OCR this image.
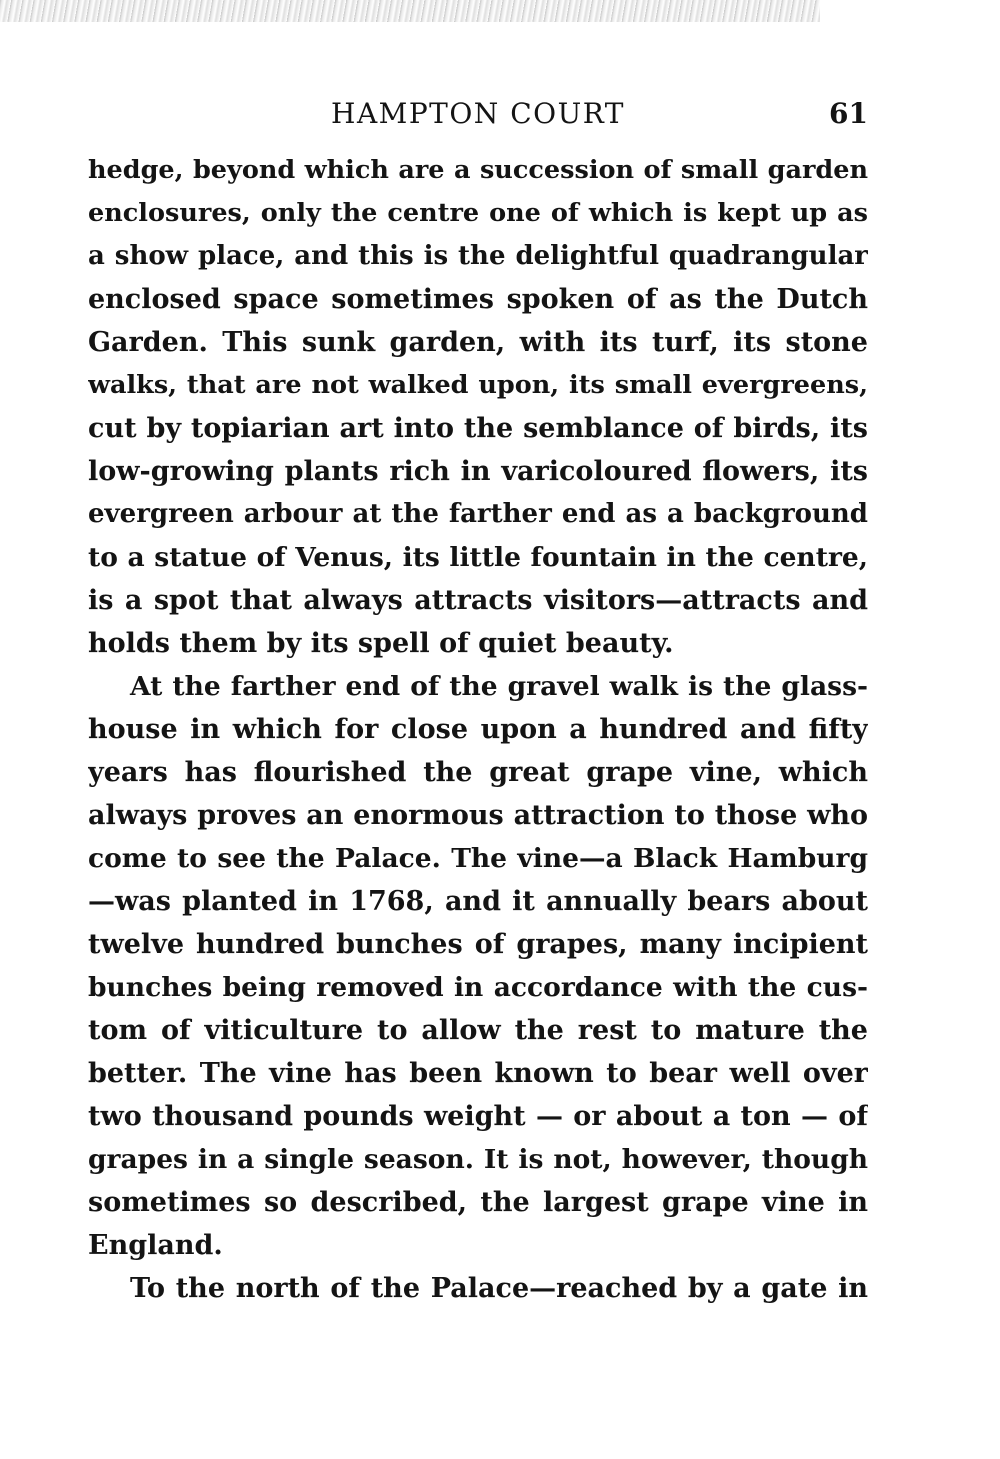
HAMPTON COURT	61
hedge, beyond which are a succession of small garden
enclosures, only the centre one of which is kept up as
a show place, and this is the delightful quadrangular
enclosed space sometimes spoken of as the Dutch
Garden. This sunk garden, with its turf, its stone
walks, that are not walked upon, its small evergreens,
cut by topiarian art into the semblance of birds, its
low-growing plants rich in varicoloured flowers, its
evergreen arbour at the farther end as a background
to a statue of Venus, its little fountain in the centre,
is a spot that always attracts visitors—attracts and
holds them by its spell of quiet beauty.
At the farther end of the gravel walk is the glass-
house in which for close upon a hundred and fifty
years has flourished the great grape vine, which
always proves an enormous attraction to those who
come to see the Palace. The vine—a Black Hamburg
—was planted in 1768, and it annually bears about
twelve hundred bunches of grapes, many incipient
bunches being removed in accordance with the cus-
tom of viticulture to allow the rest to mature the
better. The vine has been known to bear well over
two thousand pounds weight — or about a ton — of
grapes in a single season. It is not, however, though
sometimes so described, the largest grape vine in
England.
To the north of the Palace—reached by a gate in
